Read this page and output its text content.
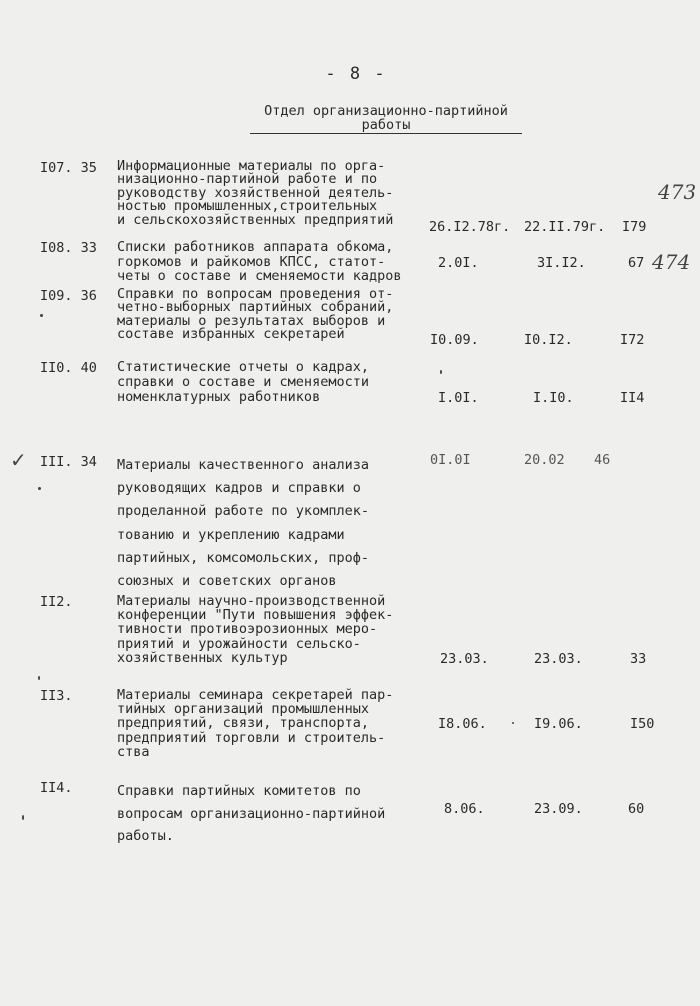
- 8 -
Отдел организационно-партийной
работы
I07. 35 Информационные материалы по орга-
низационно-партийной работе и по
руководству хозяйственной деятель-
ностью промышленных,строительных
и сельскохозяйственных предприятий	26.I2.78г. 22.II.79г. I79
473
I08. 33 Списки работников аппарата обкома,
горкомов и райкомов КПСС, статот-
четы о составе и сменяемости кадров
2.0I.	3I.I2.	67 474
I09. 36 Справки по вопросам проведения от-
четно-выборных партийных собраний,
материалы о результатах выборов и
составе избранных секретарей	I0.09.	I0.I2.	I72
II0. 40 Статистические отчеты о кадрах,
справки о составе и сменяемости
номенклатурных работников	I.0I.	I.I0.	II4
✓ III. 34 Материалы качественного анализа
руководящих кадров и справки о
проделанной работе по укомплек-
тованию и укреплению кадрами
партийных, комсомольских, проф-
союзных и советских органов
0I.0I	20.02 46
II2.	Материалы научно-производственной
конференции "Пути повышения эффек-
тивности противоэрозионных меро-
приятий и урожайности сельско-
хозяйственных культур	23.03.	23.03.	33
II3.	Материалы семинара секретарей пар-
тийных организаций промышленных
предприятий, связи, транспорта,
предприятий торговли и строитель-
ства
I8.06.	I9.06.	I50
II4.	Справки партийных комитетов по
вопросам организационно-партийной
работы.
8.06.	23.09.	60
